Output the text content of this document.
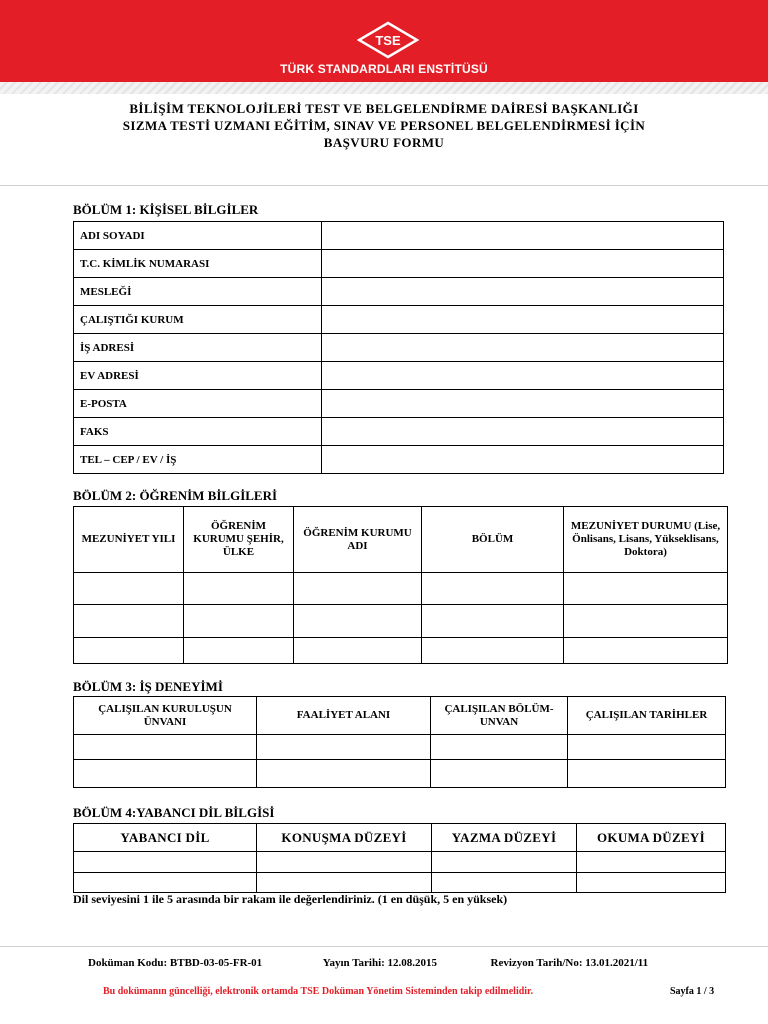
TSE
TÜRK STANDARDLARI ENSTİTÜSÜ
BİLİŞİM TEKNOLOJİLERİ TEST VE BELGELENDİRME DAİRESİ BAŞKANLIĞI
SIZMA TESTİ UZMANI EĞİTİM, SINAV VE PERSONEL BELGELENDİRMESİ İÇİN
BAŞVURU FORMU
BÖLÜM 1: KİŞİSEL BİLGİLER
ADI SOYADI	
T.C. KİMLİK NUMARASI	
MESLEĞİ	
ÇALIŞTIĞI KURUM	
İŞ ADRESİ	
EV ADRESİ	
E-POSTA	
FAKS	
TEL – CEP / EV / İŞ	
BÖLÜM 2: ÖĞRENİM BİLGİLERİ
MEZUNİYET YILI	ÖĞRENİM KURUMU ŞEHİR, ÜLKE	ÖĞRENİM KURUMU ADI	BÖLÜM	MEZUNİYET DURUMU (Lise, Önlisans, Lisans, Yükseklisans, Doktora)

BÖLÜM 3: İŞ DENEYİMİ
ÇALIŞILAN KURULUŞUN ÜNVANI	FAALİYET ALANI	ÇALIŞILAN BÖLÜM-UNVAN	ÇALIŞILAN TARİHLER

BÖLÜM 4:YABANCI DİL BİLGİSİ
YABANCI DİL	KONUŞMA DÜZEYİ	YAZMA DÜZEYİ	OKUMA DÜZEYİ

Dil seviyesini 1 ile 5 arasında bir rakam ile değerlendiriniz. (1 en düşük, 5 en yüksek)
Doküman Kodu: BTBD-03-05-FR-01	Yayın Tarihi: 12.08.2015	Revizyon Tarih/No: 13.01.2021/11
Bu dokümanın güncelliği, elektronik ortamda TSE Doküman Yönetim Sisteminden takip edilmelidir.	Sayfa 1 / 3
